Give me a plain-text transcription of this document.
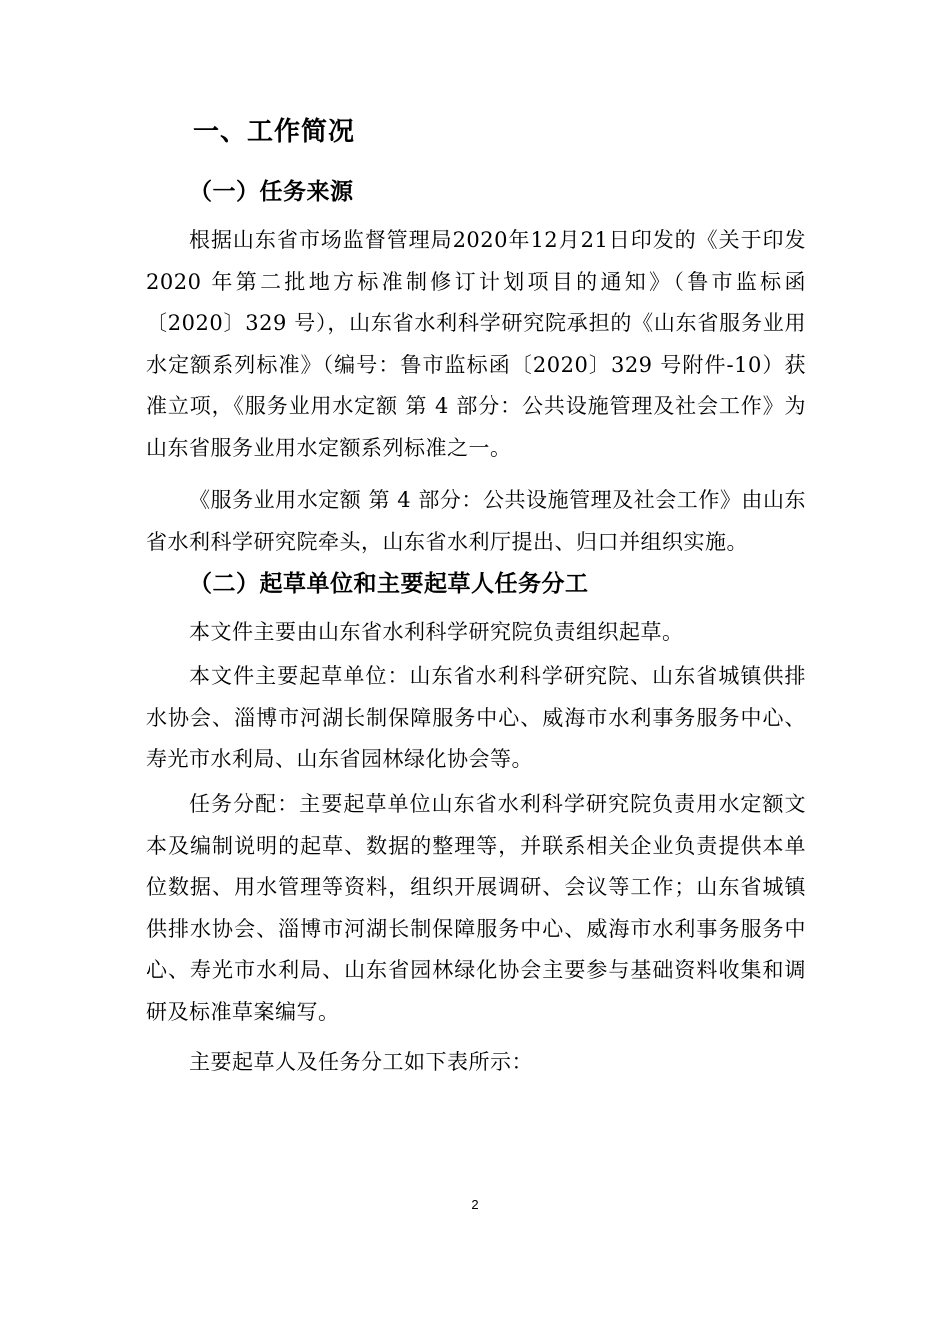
一、工作简况
（一）任务来源

根据山东省市场监督管理局2020年12月21日印发的《关于印发 2020 年第二批地方标准制修订计划项目的通知》（鲁市监标函〔2020〕329 号），山东省水利科学研究院承担的《山东省服务业用水定额系列标准》（编号：鲁市监标函〔2020〕329 号附件-10）获准立项，《服务业用水定额 第 4 部分：公共设施管理及社会工作》为山东省服务业用水定额系列标准之一。

《服务业用水定额 第 4 部分：公共设施管理及社会工作》由山东省水利科学研究院牵头，山东省水利厅提出、归口并组织实施。

（二）起草单位和主要起草人任务分工

本文件主要由山东省水利科学研究院负责组织起草。

本文件主要起草单位：山东省水利科学研究院、山东省城镇供排水协会、淄博市河湖长制保障服务中心、威海市水利事务服务中心、寿光市水利局、山东省园林绿化协会等。

任务分配：主要起草单位山东省水利科学研究院负责用水定额文本及编制说明的起草、数据的整理等，并联系相关企业负责提供本单位数据、用水管理等资料，组织开展调研、会议等工作；山东省城镇供排水协会、淄博市河湖长制保障服务中心、威海市水利事务服务中心、寿光市水利局、山东省园林绿化协会主要参与基础资料收集和调研及标准草案编写。

主要起草人及任务分工如下表所示：

2
